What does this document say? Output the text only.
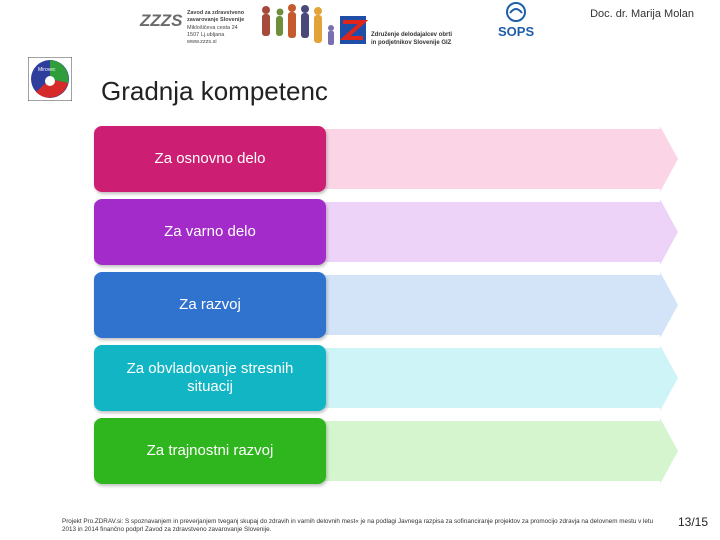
ZZZS Zavod za zdravstveno
zavarovanje Slovenije
Miklošičeva cesta 24
1507 Lj.ubljana
www.zzzs.si
Združenje delodajalcev obrti
in podjetnikov Slovenije GIZ
SOPS
Doc. dr. Marija Molan
Mirovec
Gradnja kompetenc
Za osnovno delo
Za varno delo
Za razvoj
Za obvladovanje stresnih situacij
Za trajnostni razvoj
Projekt Pro.ZDRAV.si: S spoznavanjem in preverjanjem tveganj skupaj do zdravih in varnih delovnih mest« je na podlagi Javnega razpisa za sofinanciranje projektov za promocijo zdravja na delovnem mestu v letu 2013 in 2014 finančno podprl Zavod za zdravstveno zavarovanje Slovenije.
13/15
